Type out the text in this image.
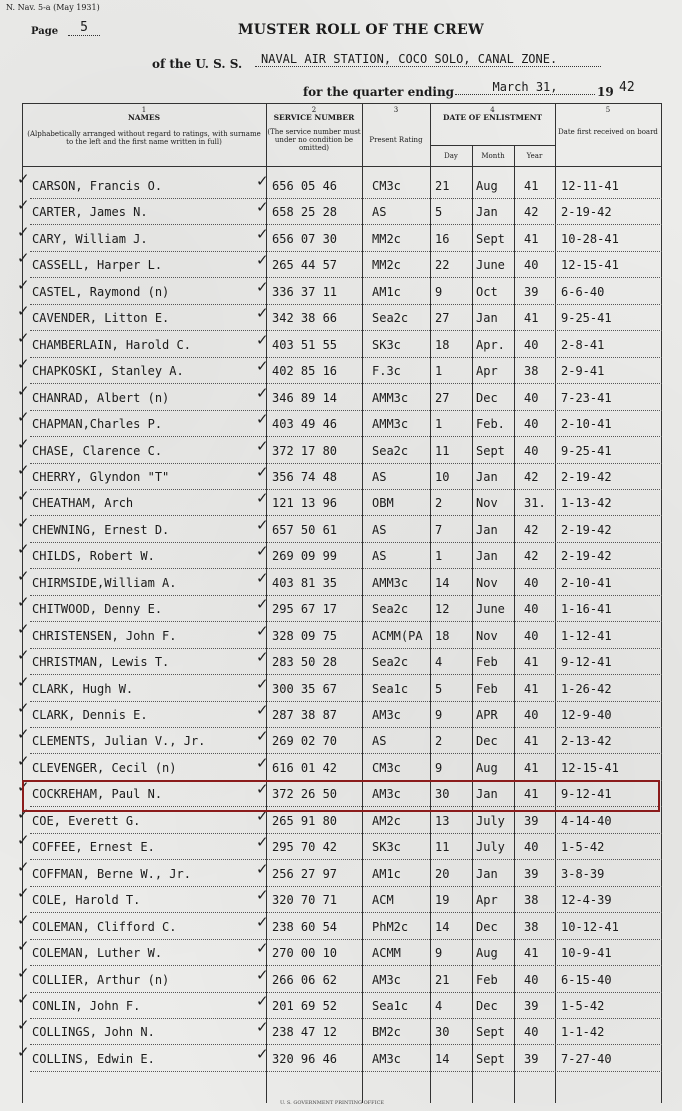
N. Nav. 5-a (May 1931)
Page	5	MUSTER ROLL OF THE CREW
of the U. S. S.	NAVAL AIR STATION, COCO SOLO, CANAL ZONE.
for the quarter ending	March 31,	19 42
1
NAMES
(Alphabetically arranged without regard to ratings, with surname to the left and the first name written in full)
2
SERVICE NUMBER
(The service number must under no condition be omitted)
3
Present Rating
4
DATE OF ENLISTMENT
Day	Month	Year
5
Date first received on board
✓	✓
CARSON, Francis O.	656 05 46	CM3c	21	Aug	41	12-11-41
✓	✓
CARTER, James N.	658 25 28	AS	5	Jan	42	2-19-42
✓	✓
CARY, William J.	656 07 30	MM2c	16	Sept	41	10-28-41
✓	✓
CASSELL, Harper L.	265 44 57	MM2c	22	June	40	12-15-41
✓	✓
CASTEL, Raymond (n)	336 37 11	AM1c	9	Oct	39	6-6-40
✓	✓
CAVENDER, Litton E.	342 38 66	Sea2c	27	Jan	41	9-25-41
✓	✓
CHAMBERLAIN, Harold C.	403 51 55	SK3c	18	Apr.	40	2-8-41
✓	✓
CHAPKOSKI, Stanley A.	402 85 16	F.3c	1	Apr	38	2-9-41
✓	✓
CHANRAD, Albert (n)	346 89 14	AMM3c	27	Dec	40	7-23-41
✓	✓
CHAPMAN,Charles P.	403 49 46	AMM3c	1	Feb.	40	2-10-41
✓	✓
CHASE, Clarence C.	372 17 80	Sea2c	11	Sept	40	9-25-41
✓	✓
CHERRY, Glyndon "T"	356 74 48	AS	10	Jan	42	2-19-42
✓	✓
CHEATHAM, Arch	121 13 96	OBM	2	Nov	31.	1-13-42
✓	✓
CHEWNING, Ernest D.	657 50 61	AS	7	Jan	42	2-19-42
✓	✓
CHILDS, Robert W.	269 09 99	AS	1	Jan	42	2-19-42
✓	✓
CHIRMSIDE,William A.	403 81 35	AMM3c	14	Nov	40	2-10-41
✓	✓
CHITWOOD, Denny E.	295 67 17	Sea2c	12	June	40	1-16-41
✓	✓
CHRISTENSEN, John F.	328 09 75	ACMM(PA	18	Nov	40	1-12-41
✓	✓
CHRISTMAN, Lewis T.	283 50 28	Sea2c	4	Feb	41	9-12-41
✓	✓
CLARK, Hugh W.	300 35 67	Sea1c	5	Feb	41	1-26-42
✓	✓
CLARK, Dennis E.	287 38 87	AM3c	9	APR	40	12-9-40
✓	✓
CLEMENTS, Julian V., Jr.	269 02 70	AS	2	Dec	41	2-13-42
✓	✓
CLEVENGER, Cecil (n)	616 01 42	CM3c	9	Aug	41	12-15-41
✓	✓
COCKREHAM, Paul N.	372 26 50	AM3c	30	Jan	41	9-12-41
✓	✓
COE, Everett G.	265 91 80	AM2c	13	July	39	4-14-40
✓	✓
COFFEE, Ernest E.	295 70 42	SK3c	11	July	40	1-5-42
✓	✓
COFFMAN, Berne W., Jr.	256 27 97	AM1c	20	Jan	39	3-8-39
✓	✓
COLE, Harold T.	320 70 71	ACM	19	Apr	38	12-4-39
✓	✓
COLEMAN, Clifford C.	238 60 54	PhM2c	14	Dec	38	10-12-41
✓	✓
COLEMAN, Luther W.	270 00 10	ACMM	9	Aug	41	10-9-41
✓	✓
COLLIER, Arthur (n)	266 06 62	AM3c	21	Feb	40	6-15-40
✓	✓
CONLIN, John F.	201 69 52	Sea1c	4	Dec	39	1-5-42
✓	✓
COLLINGS, John N.	238 47 12	BM2c	30	Sept	40	1-1-42
✓	✓
COLLINS, Edwin E.	320 96 46	AM3c	14	Sept	39	7-27-40
U. S. GOVERNMENT PRINTING OFFICE
